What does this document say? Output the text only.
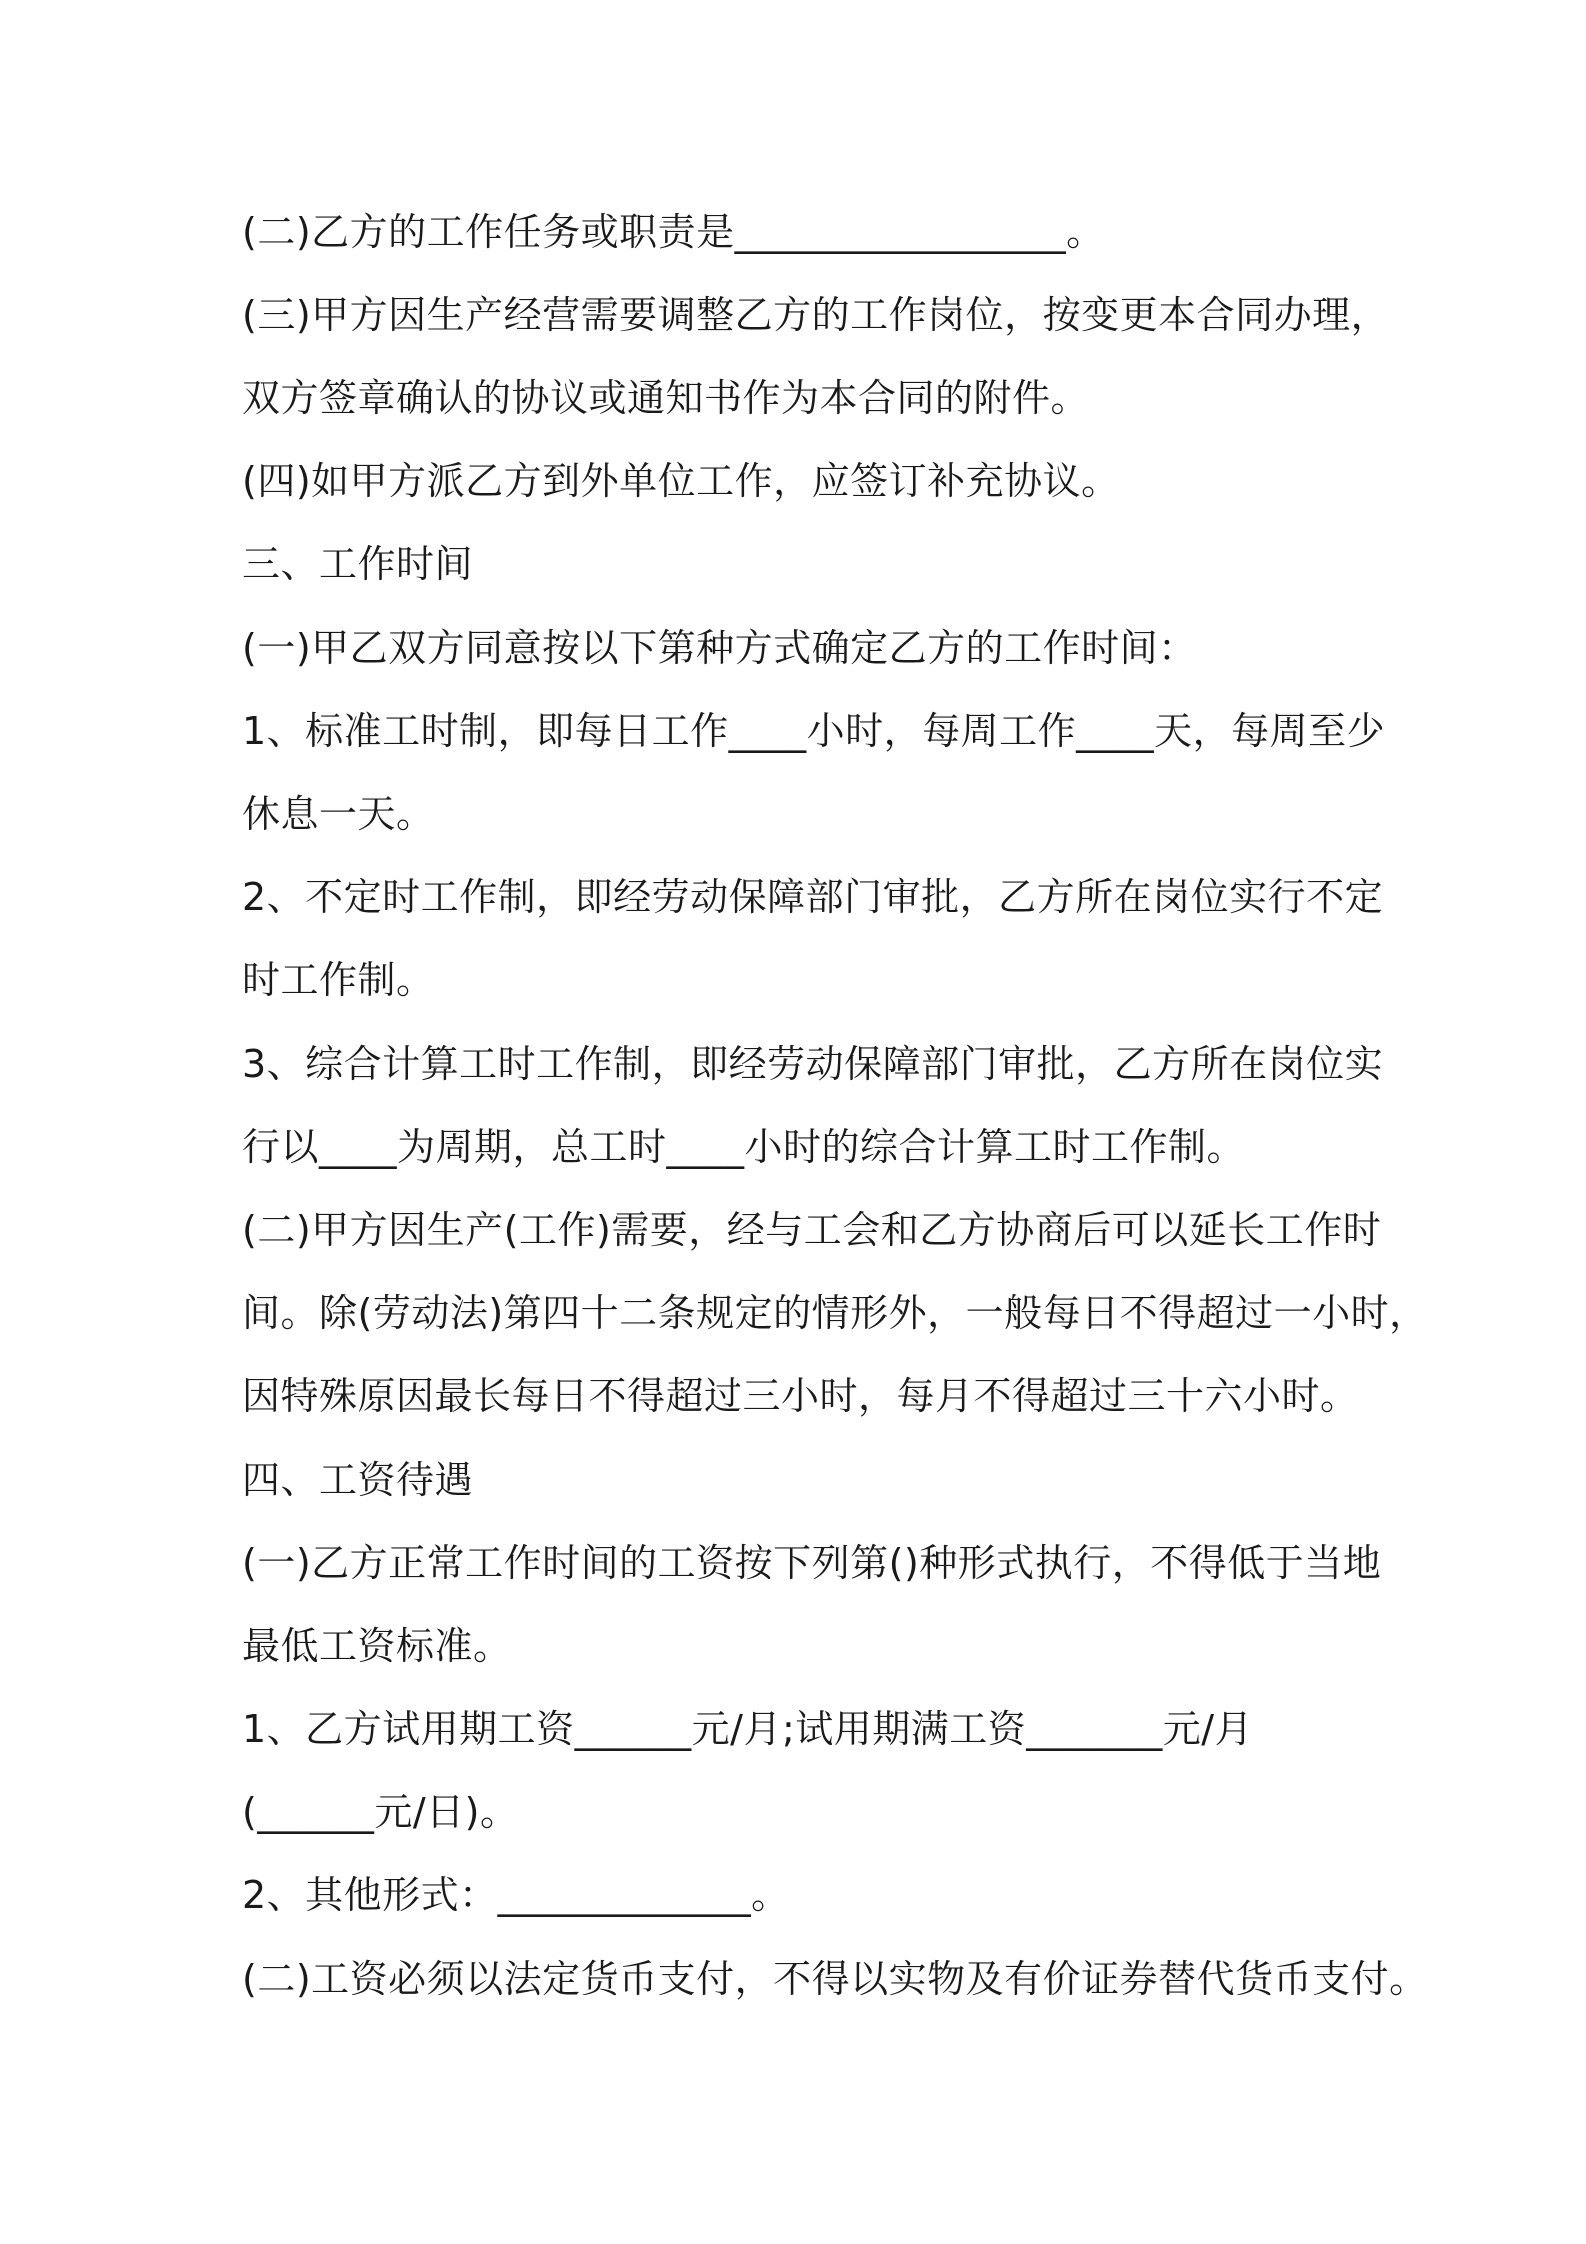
(二)乙方的工作任务或职责是_________________。
(三)甲方因生产经营需要调整乙方的工作岗位，按变更本合同办理，
双方签章确认的协议或通知书作为本合同的附件。
(四)如甲方派乙方到外单位工作，应签订补充协议。
三、工作时间
(一)甲乙双方同意按以下第种方式确定乙方的工作时间：
1、标准工时制，即每日工作____小时，每周工作____天，每周至少
休息一天。
2、不定时工作制，即经劳动保障部门审批，乙方所在岗位实行不定
时工作制。
3、综合计算工时工作制，即经劳动保障部门审批，乙方所在岗位实
行以____为周期，总工时____小时的综合计算工时工作制。
(二)甲方因生产(工作)需要，经与工会和乙方协商后可以延长工作时
间。除(劳动法)第四十二条规定的情形外，一般每日不得超过一小时，
因特殊原因最长每日不得超过三小时，每月不得超过三十六小时。
四、工资待遇
(一)乙方正常工作时间的工资按下列第()种形式执行，不得低于当地
最低工资标准。
1、乙方试用期工资______元/月;试用期满工资_______元/月
(______元/日)。
2、其他形式：_____________。
(二)工资必须以法定货币支付，不得以实物及有价证券替代货币支付。
